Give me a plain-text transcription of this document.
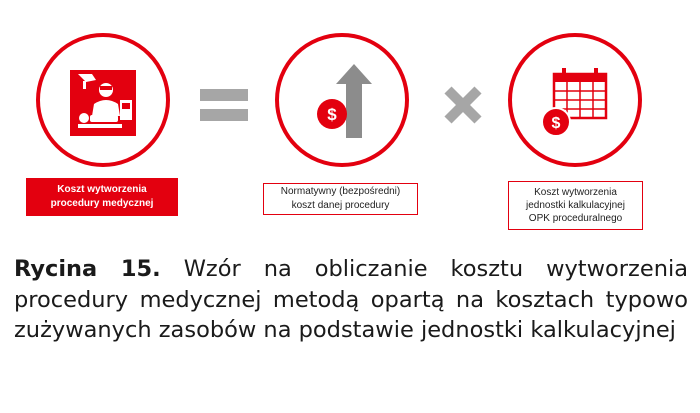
$	$
Koszt wytworzenia
procedury medycznej
Normatywny (bezpośredni)
koszt danej procedury
Koszt wytworzenia
jednostki kalkulacyjnej
OPK proceduralnego
Rycina 15. Wzór na obliczanie kosztu wytworzenia procedury medycznej metodą opartą na kosztach typowo zużywanych zasobów na podstawie jednostki kalkulacyjnej
